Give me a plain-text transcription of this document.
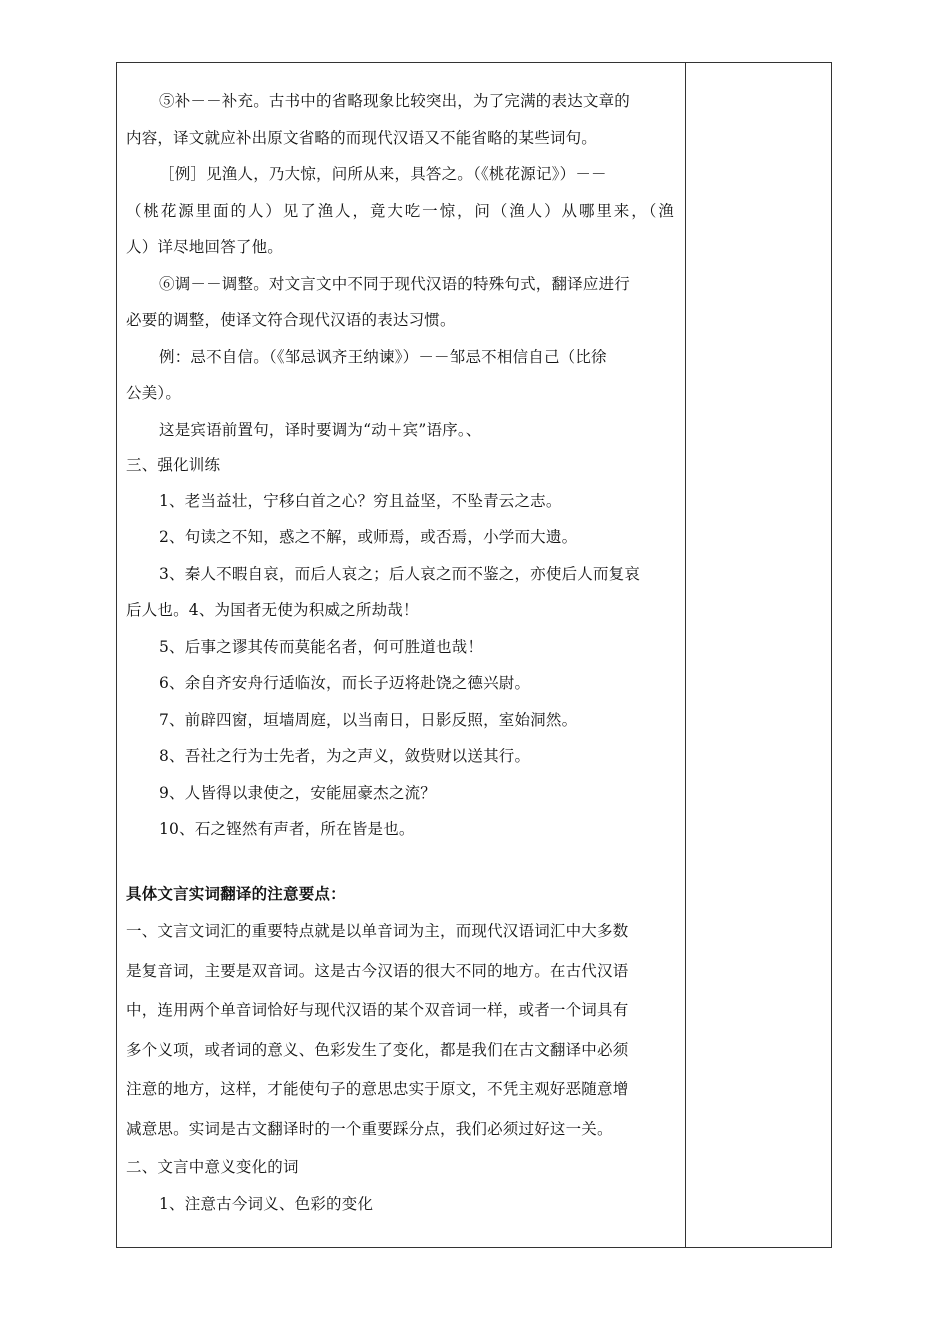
⑤补－－补充。古书中的省略现象比较突出，为了完满的表达文章的
内容，译文就应补出原文省略的而现代汉语又不能省略的某些词句。
［例］见渔人，乃大惊，问所从来，具答之。（《桃花源记》）－－
（桃花源里面的人）见了渔人，竟大吃一惊，问（渔人）从哪里来，（渔
人）详尽地回答了他。
⑥调－－调整。对文言文中不同于现代汉语的特殊句式，翻译应进行
必要的调整，使译文符合现代汉语的表达习惯。
例：忌不自信。（《邹忌讽齐王纳谏》）－－邹忌不相信自己（比徐
公美）。
这是宾语前置句，译时要调为“动＋宾”语序。、
三、强化训练
1、老当益壮，宁移白首之心？穷且益坚，不坠青云之志。
2、句读之不知，惑之不解，或师焉，或否焉，小学而大遗。
3、秦人不暇自哀，而后人哀之；后人哀之而不鉴之，亦使后人而复哀
后人也。4、为国者无使为积威之所劫哉！
5、后事之谬其传而莫能名者，何可胜道也哉！
6、余自齐安舟行适临汝，而长子迈将赴饶之德兴尉。
7、前辟四窗，垣墙周庭，以当南日，日影反照，室始洞然。
8、吾社之行为士先者，为之声义，敛赀财以送其行。
9、人皆得以隶使之，安能屈豪杰之流？
10、石之铿然有声者，所在皆是也。
具体文言实词翻译的注意要点：
一、文言文词汇的重要特点就是以单音词为主，而现代汉语词汇中大多数
是复音词，主要是双音词。这是古今汉语的很大不同的地方。在古代汉语
中，连用两个单音词恰好与现代汉语的某个双音词一样，或者一个词具有
多个义项，或者词的意义、色彩发生了变化，都是我们在古文翻译中必须
注意的地方，这样，才能使句子的意思忠实于原文，不凭主观好恶随意增
减意思。实词是古文翻译时的一个重要踩分点，我们必须过好这一关。
二、文言中意义变化的词
1、注意古今词义、色彩的变化
